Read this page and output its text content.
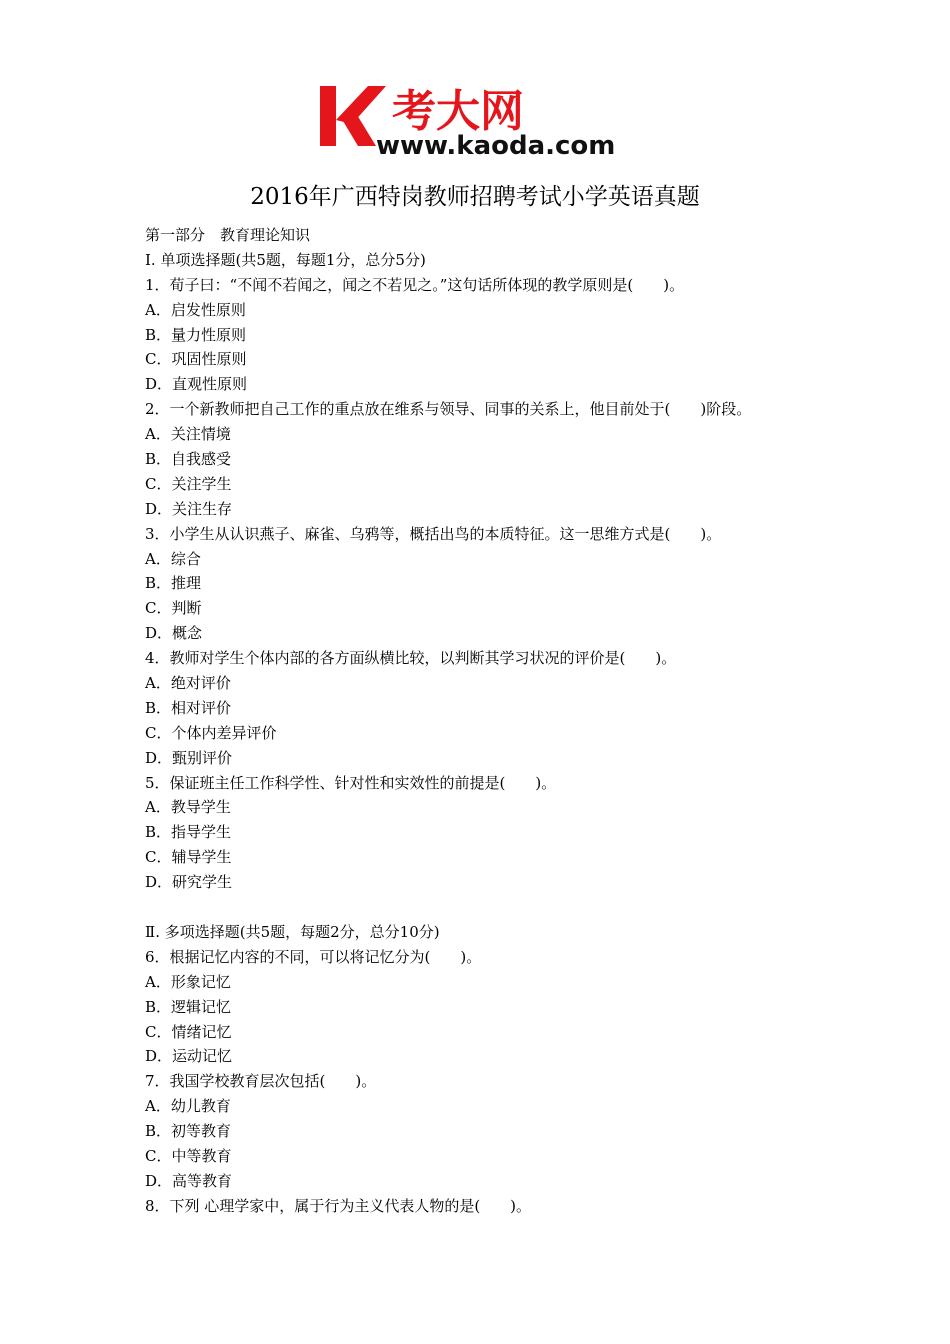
考大网
www.kaoda.com
2016年广西特岗教师招聘考试小学英语真题
第一部分　教育理论知识
Ⅰ. 单项选择题(共5题，每题1分，总分5分)
1．荀子曰：“不闻不若闻之，闻之不若见之。”这句话所体现的教学原则是(　　)。
A．启发性原则
B．量力性原则
C．巩固性原则
D．直观性原则
2．一个新教师把自己工作的重点放在维系与领导、同事的关系上，他目前处于(　　)阶段。
A．关注情境
B．自我感受
C．关注学生
D．关注生存
3．小学生从认识燕子、麻雀、乌鸦等，概括出鸟的本质特征。这一思维方式是(　　)。
A．综合
B．推理
C．判断
D．概念
4．教师对学生个体内部的各方面纵横比较，以判断其学习状况的评价是(　　)。
A．绝对评价
B．相对评价
C．个体内差异评价
D．甄别评价
5．保证班主任工作科学性、针对性和实效性的前提是(　　)。
A．教导学生
B．指导学生
C．辅导学生
D．研究学生
Ⅱ. 多项选择题(共5题，每题2分，总分10分)
6．根据记忆内容的不同，可以将记忆分为(　　)。
A．形象记忆
B．逻辑记忆
C．情绪记忆
D．运动记忆
7．我国学校教育层次包括(　　)。
A．幼儿教育
B．初等教育
C．中等教育
D．高等教育
8．下列 心理学家中，属于行为主义代表人物的是(　　)。
